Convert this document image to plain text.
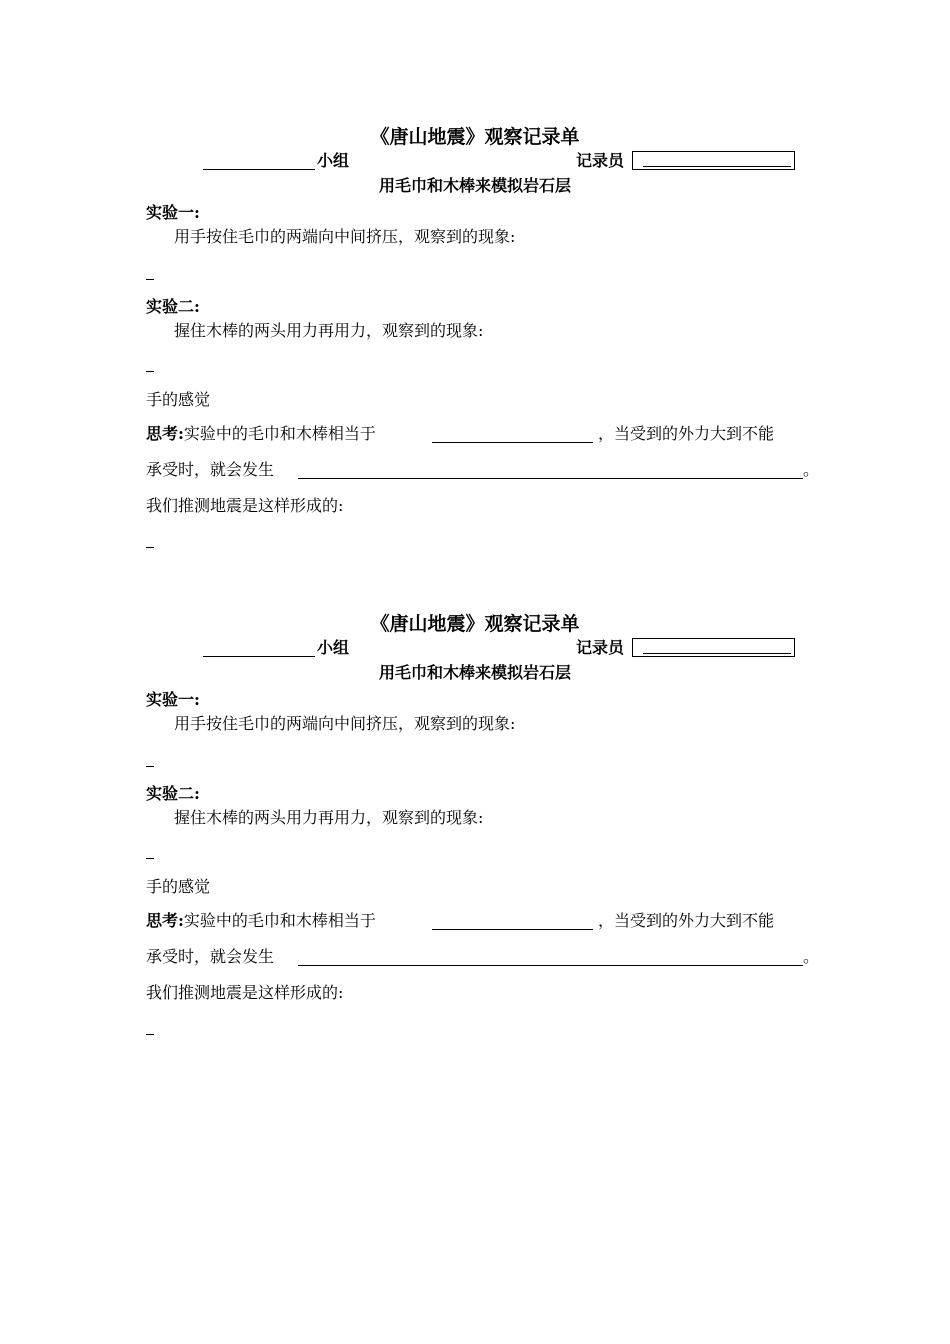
《唐山地震》观察记录单
小组	记录员
用毛巾和木棒来模拟岩石层
实验一:
用手按住毛巾的两端向中间挤压，观察到的现象:
实验二:
握住木棒的两头用力再用力，观察到的现象:
手的感觉
思考:实验中的毛巾和木棒相当于	，当受到的外力大到不能
承受时，就会发生	。
我们推测地震是这样形成的:
《唐山地震》观察记录单
小组	记录员
用毛巾和木棒来模拟岩石层
实验一:
用手按住毛巾的两端向中间挤压，观察到的现象:
实验二:
握住木棒的两头用力再用力，观察到的现象:
手的感觉
思考:实验中的毛巾和木棒相当于	，当受到的外力大到不能
承受时，就会发生	。
我们推测地震是这样形成的:
